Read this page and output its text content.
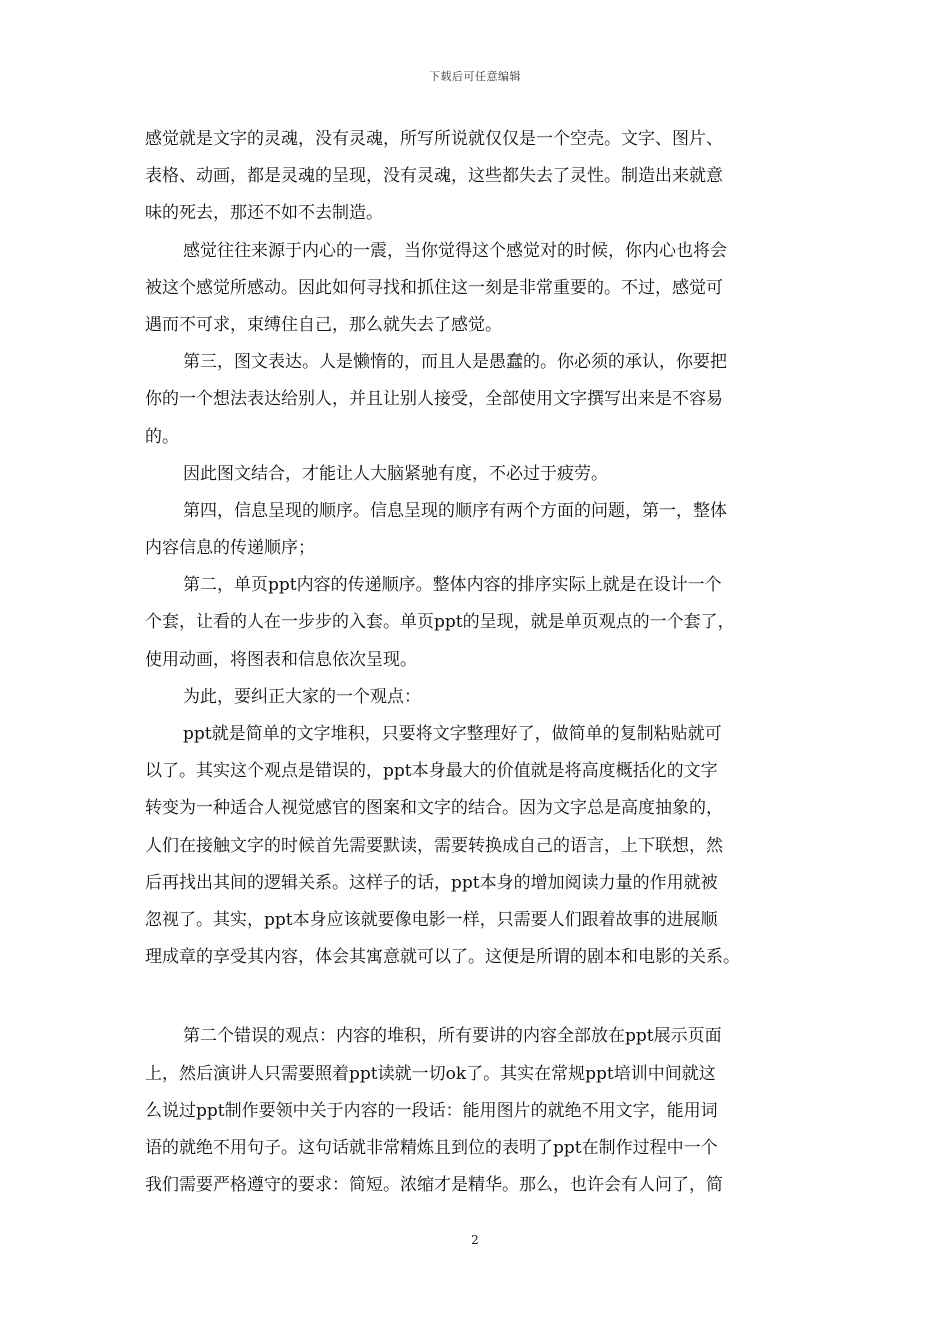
下载后可任意编辑
感觉就是文字的灵魂，没有灵魂，所写所说就仅仅是一个空壳。文字、图片、
表格、动画，都是灵魂的呈现，没有灵魂，这些都失去了灵性。制造出来就意
味的死去，那还不如不去制造。
感觉往往来源于内心的一震，当你觉得这个感觉对的时候，你内心也将会
被这个感觉所感动。因此如何寻找和抓住这一刻是非常重要的。不过，感觉可
遇而不可求，束缚住自己，那么就失去了感觉。
第三，图文表达。人是懒惰的，而且人是愚蠢的。你必须的承认，你要把
你的一个想法表达给别人，并且让别人接受，全部使用文字撰写出来是不容易
的。
因此图文结合，才能让人大脑紧驰有度，不必过于疲劳。
第四，信息呈现的顺序。信息呈现的顺序有两个方面的问题，第一，整体
内容信息的传递顺序；
第二，单页ppt内容的传递顺序。整体内容的排序实际上就是在设计一个
个套，让看的人在一步步的入套。单页ppt的呈现，就是单页观点的一个套了，
使用动画，将图表和信息依次呈现。
为此，要纠正大家的一个观点：
ppt就是简单的文字堆积，只要将文字整理好了，做简单的复制粘贴就可
以了。其实这个观点是错误的，ppt本身最大的价值就是将高度概括化的文字
转变为一种适合人视觉感官的图案和文字的结合。因为文字总是高度抽象的，
人们在接触文字的时候首先需要默读，需要转换成自己的语言，上下联想，然
后再找出其间的逻辑关系。这样子的话，ppt本身的增加阅读力量的作用就被
忽视了。其实，ppt本身应该就要像电影一样，只需要人们跟着故事的进展顺
理成章的享受其内容，体会其寓意就可以了。这便是所谓的剧本和电影的关系。
第二个错误的观点：内容的堆积，所有要讲的内容全部放在ppt展示页面
上，然后演讲人只需要照着ppt读就一切ok了。其实在常规ppt培训中间就这
么说过ppt制作要领中关于内容的一段话：能用图片的就绝不用文字，能用词
语的就绝不用句子。这句话就非常精炼且到位的表明了ppt在制作过程中一个
我们需要严格遵守的要求：简短。浓缩才是精华。那么，也许会有人问了，简
2
